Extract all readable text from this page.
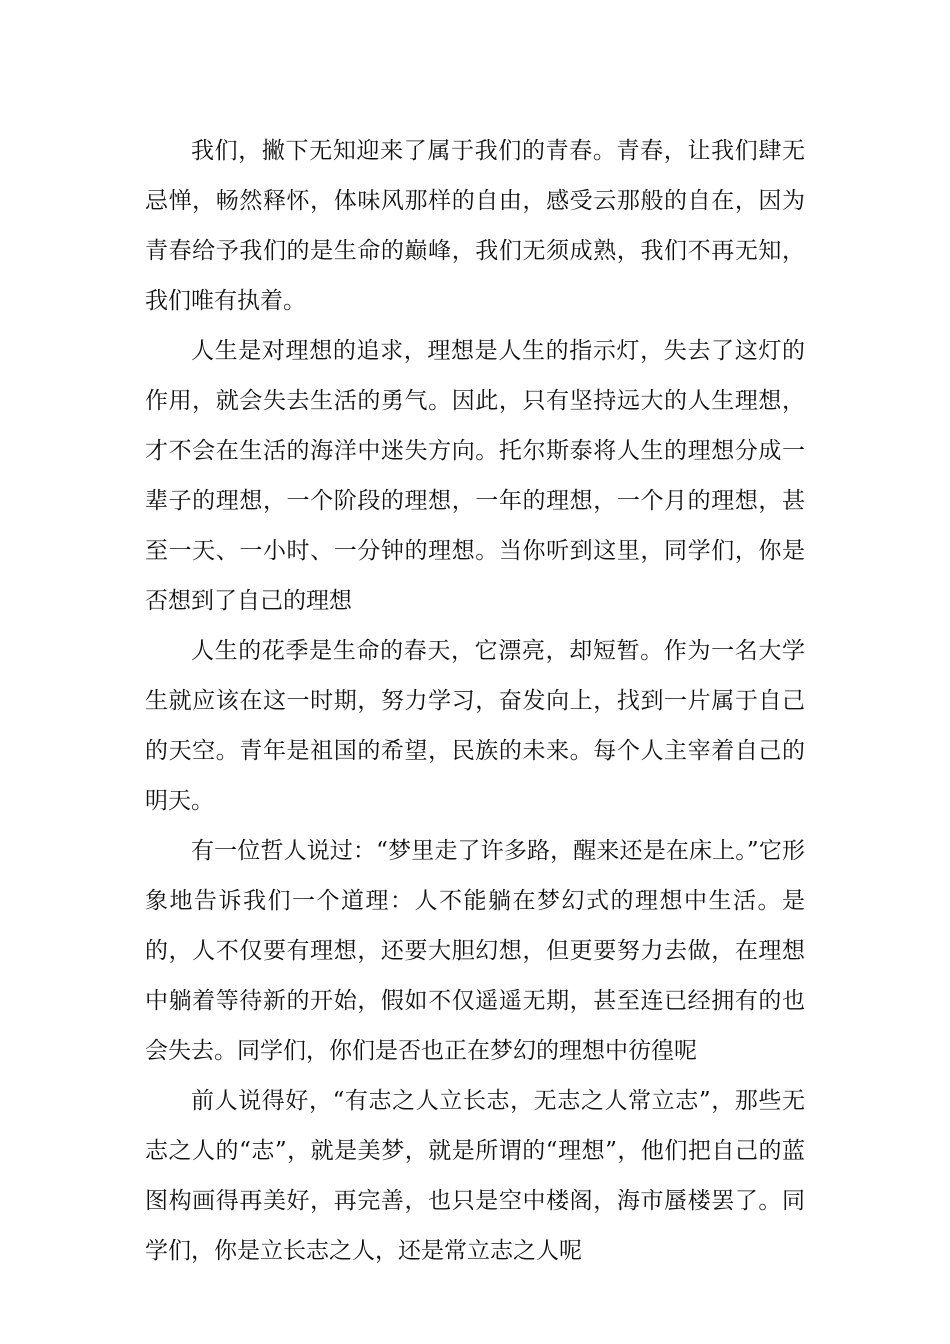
我们，撇下无知迎来了属于我们的青春。青春，让我们肆无忌惮，畅然释怀，体味风那样的自由，感受云那般的自在，因为青春给予我们的是生命的巅峰，我们无须成熟，我们不再无知，我们唯有执着。

人生是对理想的追求，理想是人生的指示灯，失去了这灯的作用，就会失去生活的勇气。因此，只有坚持远大的人生理想，才不会在生活的海洋中迷失方向。托尔斯泰将人生的理想分成一辈子的理想，一个阶段的理想，一年的理想，一个月的理想，甚至一天、一小时、一分钟的理想。当你听到这里，同学们，你是否想到了自己的理想

人生的花季是生命的春天，它漂亮，却短暂。作为一名大学生就应该在这一时期，努力学习，奋发向上，找到一片属于自己的天空。青年是祖国的希望，民族的未来。每个人主宰着自己的明天。

有一位哲人说过：“梦里走了许多路，醒来还是在床上。”它形象地告诉我们一个道理：人不能躺在梦幻式的理想中生活。是的，人不仅要有理想，还要大胆幻想，但更要努力去做，在理想中躺着等待新的开始，假如不仅遥遥无期，甚至连已经拥有的也会失去。同学们，你们是否也正在梦幻的理想中彷徨呢

前人说得好，“有志之人立长志，无志之人常立志”，那些无志之人的“志”，就是美梦，就是所谓的“理想”，他们把自己的蓝图构画得再美好，再完善，也只是空中楼阁，海市蜃楼罢了。同学们，你是立长志之人，还是常立志之人呢
